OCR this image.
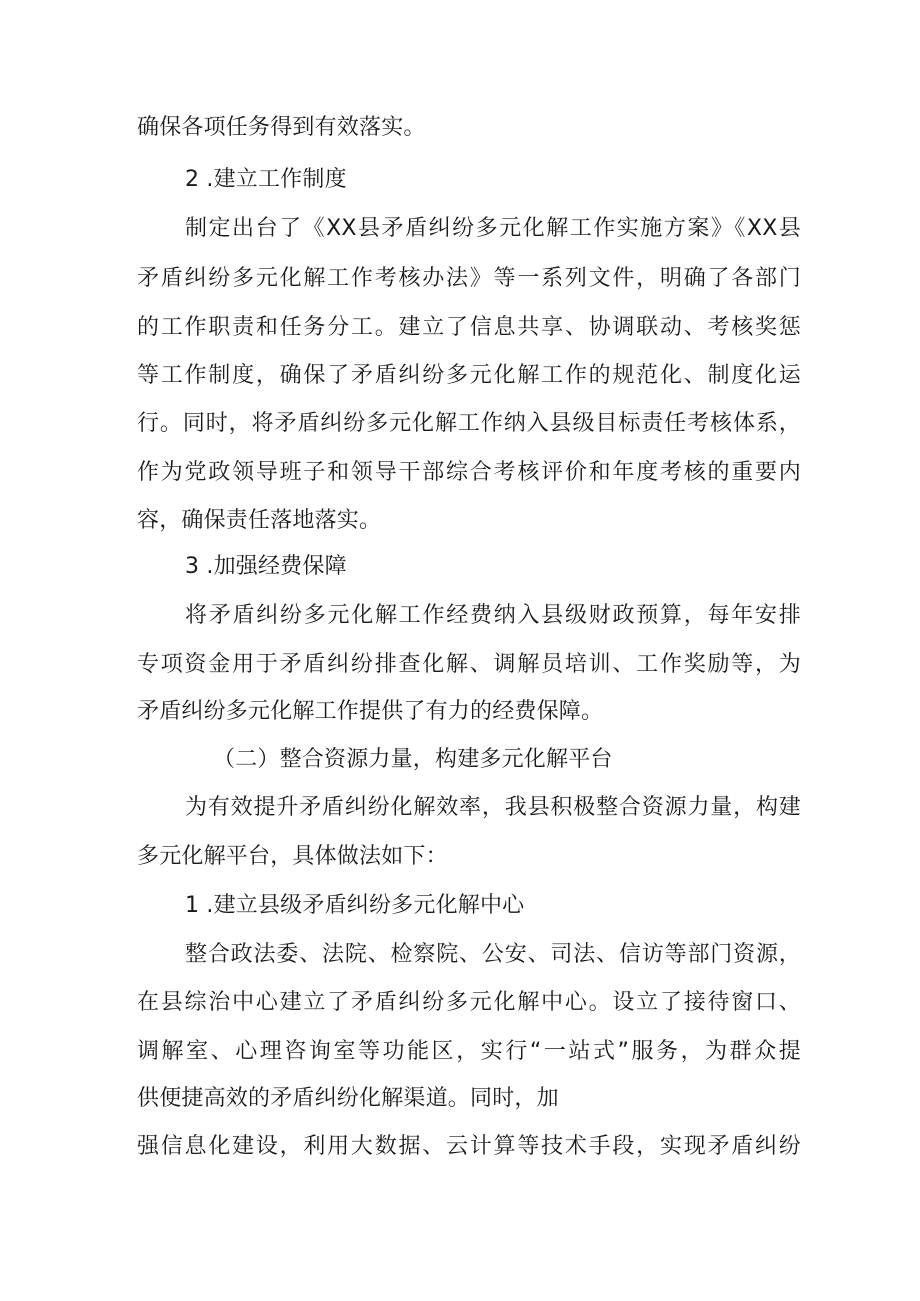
确保各项任务得到有效落实。
2 .建立工作制度
制定出台了《XX县矛盾纠纷多元化解工作实施方案》《XX县
矛盾纠纷多元化解工作考核办法》等一系列文件，明确了各部门
的工作职责和任务分工。建立了信息共享、协调联动、考核奖惩
等工作制度，确保了矛盾纠纷多元化解工作的规范化、制度化运
行。同时，将矛盾纠纷多元化解工作纳入县级目标责任考核体系，
作为党政领导班子和领导干部综合考核评价和年度考核的重要内
容，确保责任落地落实。
3 .加强经费保障
将矛盾纠纷多元化解工作经费纳入县级财政预算，每年安排
专项资金用于矛盾纠纷排查化解、调解员培训、工作奖励等，为
矛盾纠纷多元化解工作提供了有力的经费保障。
（二）整合资源力量，构建多元化解平台
为有效提升矛盾纠纷化解效率，我县积极整合资源力量，构建
多元化解平台，具体做法如下：
1 .建立县级矛盾纠纷多元化解中心
整合政法委、法院、检察院、公安、司法、信访等部门资源，
在县综治中心建立了矛盾纠纷多元化解中心。设立了接待窗口、
调解室、心理咨询室等功能区，实行“一站式”服务，为群众提
供便捷高效的矛盾纠纷化解渠道。同时，加
强信息化建设，利用大数据、云计算等技术手段，实现矛盾纠纷
